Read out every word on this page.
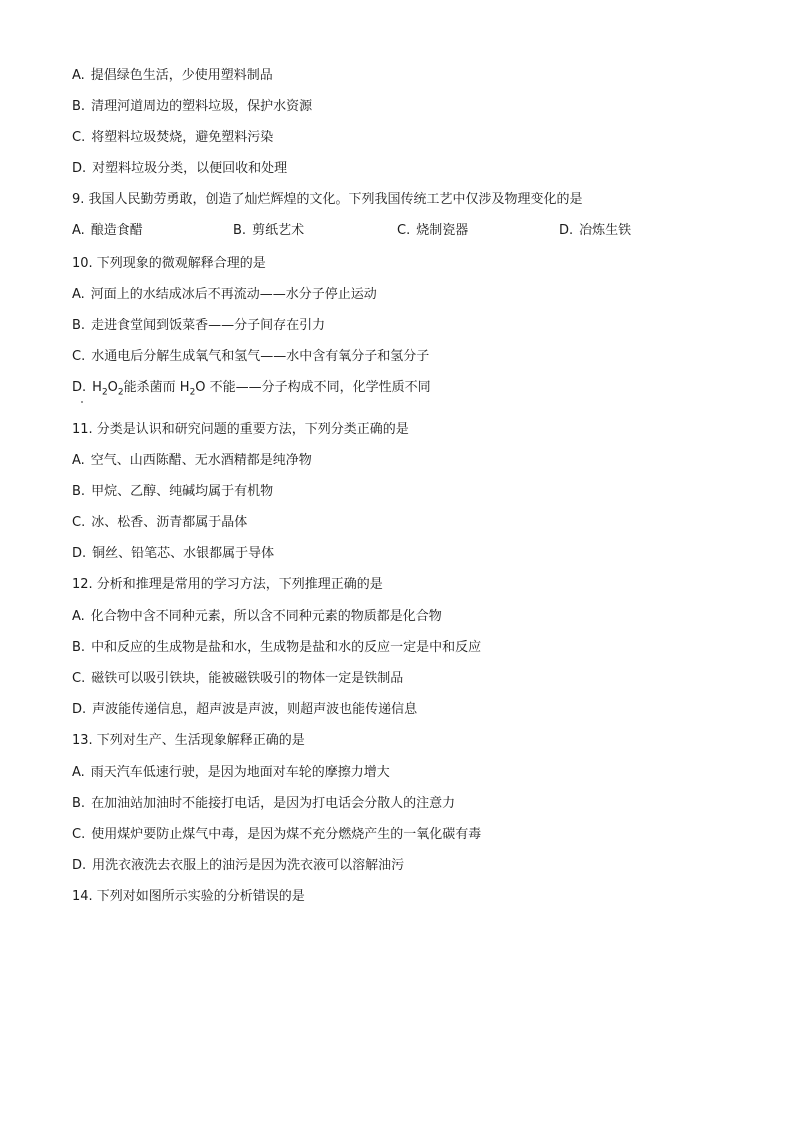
A. 提倡绿色生活，少使用塑料制品
B. 清理河道周边的塑料垃圾，保护水资源
C. 将塑料垃圾焚烧，避免塑料污染
D. 对塑料垃圾分类，以便回收和处理
9. 我国人民勤劳勇敢，创造了灿烂辉煌的文化。下列我国传统工艺中仅涉及物理变化的是
A. 酿造食醋	B. 剪纸艺术	C. 烧制瓷器	D. 冶炼生铁
10. 下列现象的微观解释合理的是
A. 河面上的水结成冰后不再流动——水分子停止运动
B. 走进食堂闻到饭菜香——分子间存在引力
C. 水通电后分解生成氧气和氢气——水中含有氧分子和氢分子
D. $H_2O_2$能杀菌而 $H_2O$ 不能——分子构成不同，化学性质不同
11. 分类是认识和研究问题的重要方法，下列分类正确的是
A. 空气、山西陈醋、无水酒精都是纯净物
B. 甲烷、乙醇、纯碱均属于有机物
C. 冰、松香、沥青都属于晶体
D. 铜丝、铅笔芯、水银都属于导体
12. 分析和推理是常用的学习方法，下列推理正确的是
A. 化合物中含不同种元素，所以含不同种元素的物质都是化合物
B. 中和反应的生成物是盐和水，生成物是盐和水的反应一定是中和反应
C. 磁铁可以吸引铁块，能被磁铁吸引的物体一定是铁制品
D. 声波能传递信息，超声波是声波，则超声波也能传递信息
13. 下列对生产、生活现象解释正确的是
A. 雨天汽车低速行驶，是因为地面对车轮的摩擦力增大
B. 在加油站加油时不能接打电话，是因为打电话会分散人的注意力
C. 使用煤炉要防止煤气中毒，是因为煤不充分燃烧产生的一氧化碳有毒
D. 用洗衣液洗去衣服上的油污是因为洗衣液可以溶解油污
14. 下列对如图所示实验的分析错误的是
